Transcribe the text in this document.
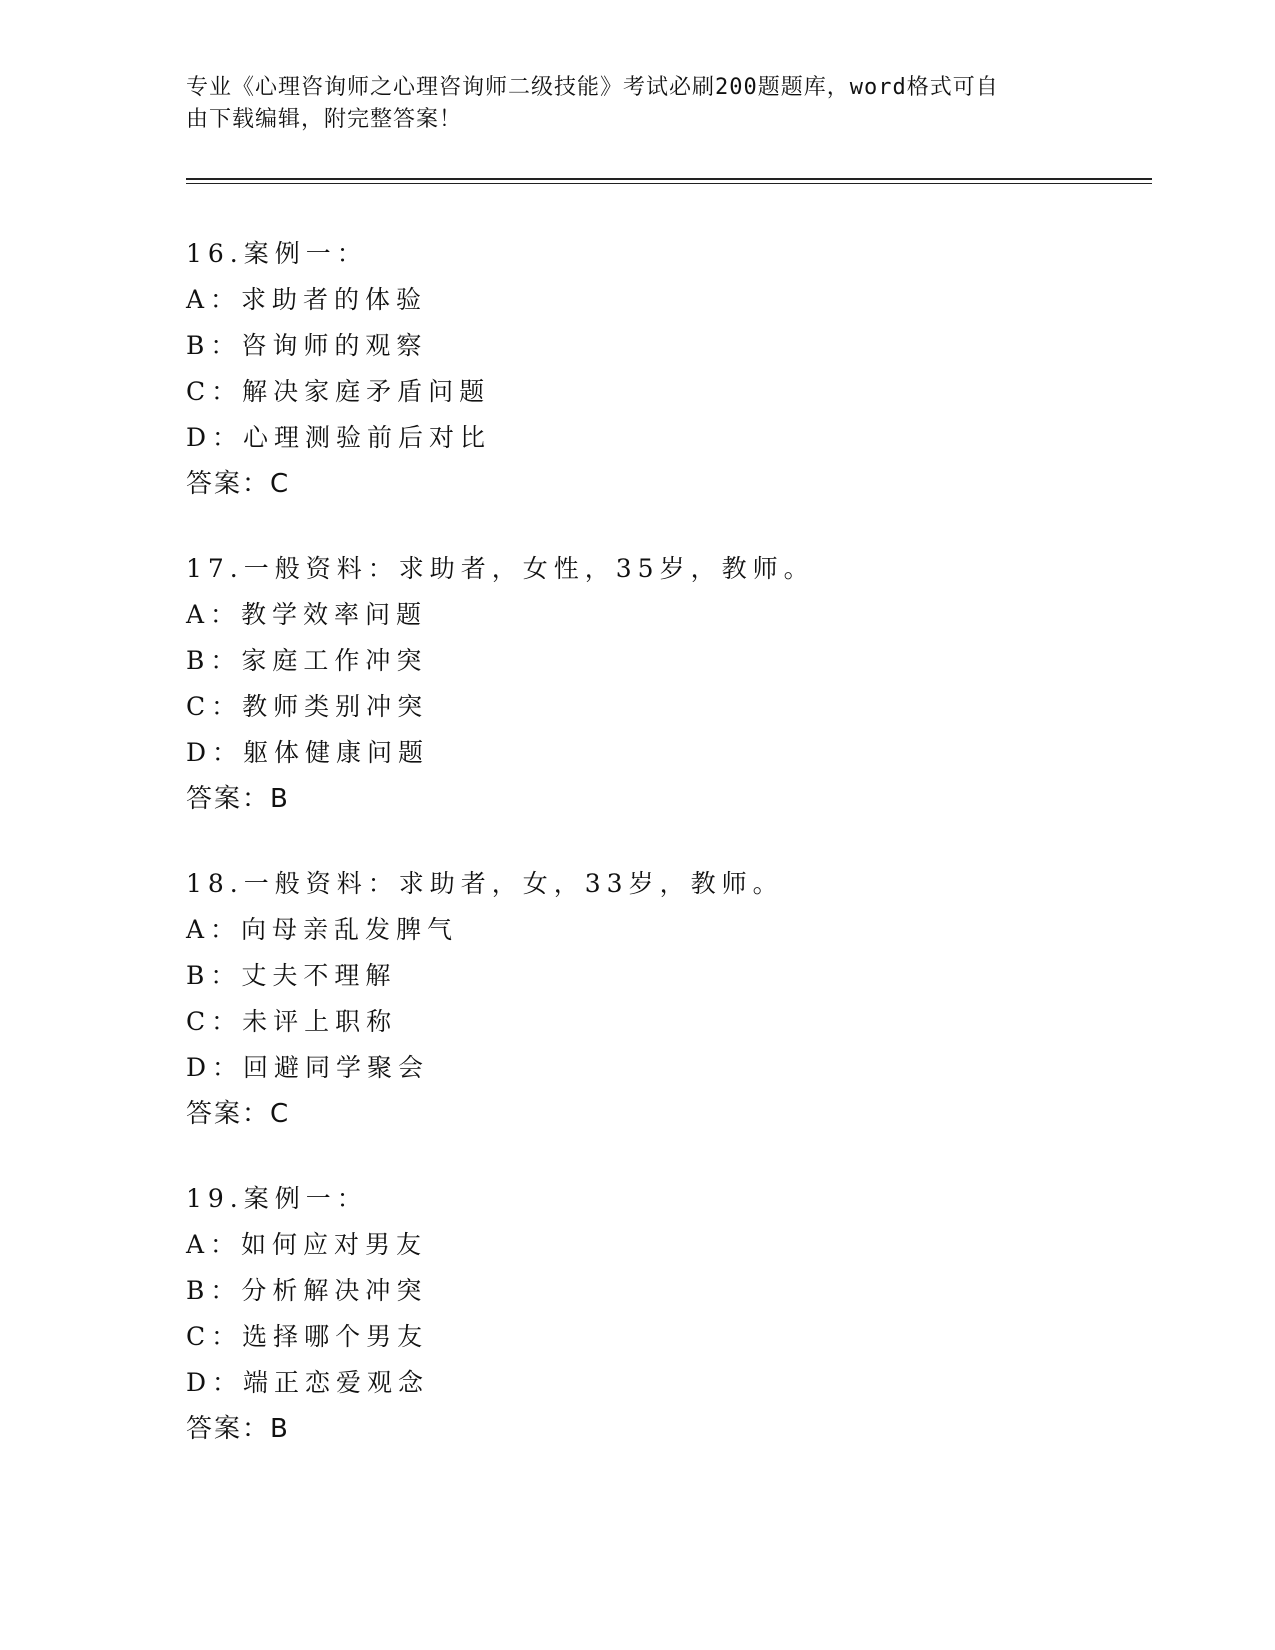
专业《心理咨询师之心理咨询师二级技能》考试必刷200题题库，word格式可自
由下载编辑，附完整答案！
16.案例一：
A：求助者的体验
B：咨询师的观察
C：解决家庭矛盾问题
D：心理测验前后对比
答案：C
17.一般资料：求助者，女性，35岁，教师。
A：教学效率问题
B：家庭工作冲突
C：教师类别冲突
D：躯体健康问题
答案：B
18.一般资料：求助者，女，33岁，教师。
A：向母亲乱发脾气
B：丈夫不理解
C：未评上职称
D：回避同学聚会
答案：C
19.案例一：
A：如何应对男友
B：分析解决冲突
C：选择哪个男友
D：端正恋爱观念
答案：B
